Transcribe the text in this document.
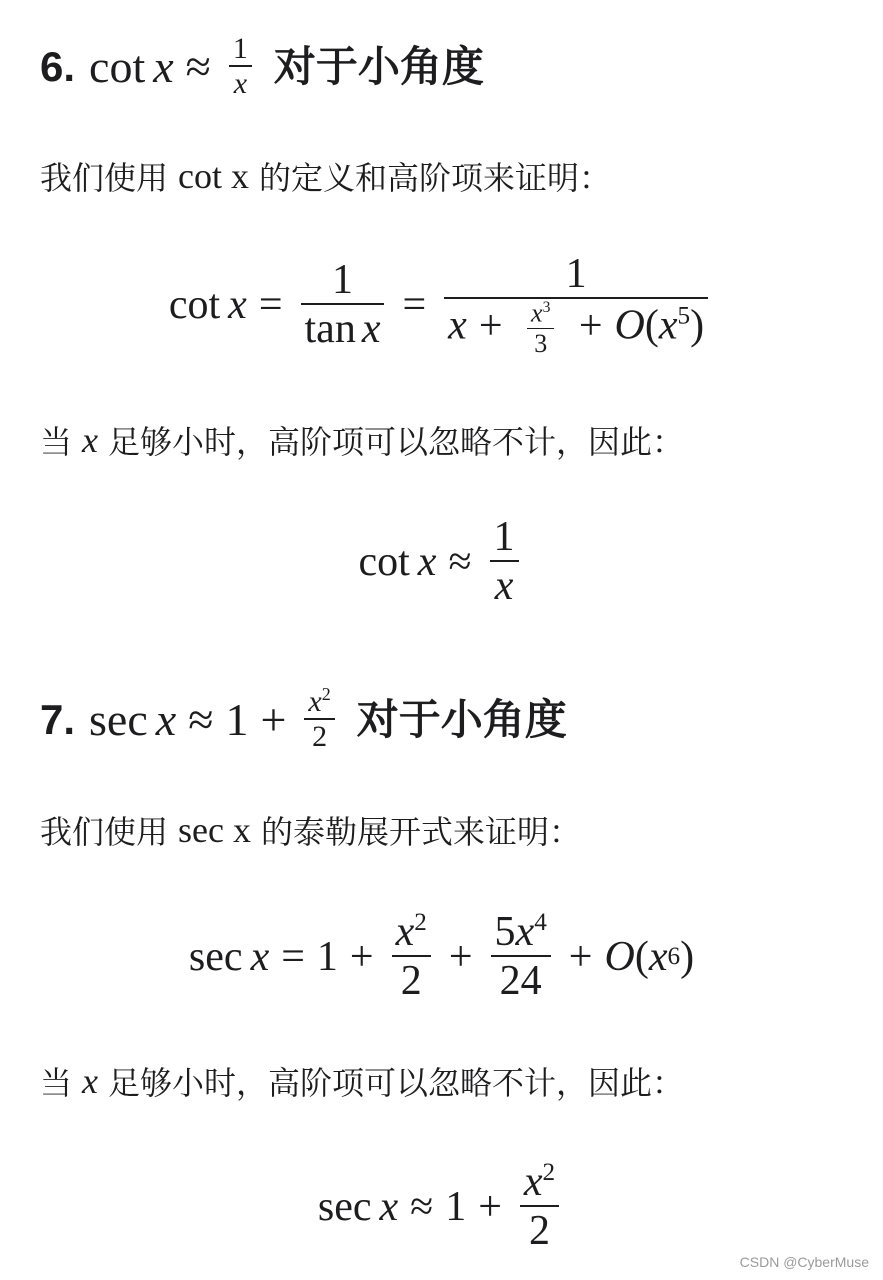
6. $\cot x \approx \frac{1}{x}$ 对于小角度
我们使用 cot x 的定义和高阶项来证明：
$\cot x = \frac{1}{\text{tan x}} = \frac{1}{x + \frac{x^3}{3} + O(x^5)}$
当 x 足够小时，高阶项可以忽略不计，因此：
$\cot x \approx \frac{1}{x}$
7. $\sec x \approx 1 + \frac{x^2}{2}$ 对于小角度
我们使用 sec x 的泰勒展开式来证明：
$\sec x = 1 + \frac{x^2}{2} + \frac{5x^4}{24} + O$ ( x 6 )
当 x 足够小时，高阶项可以忽略不计，因此：
$\sec x \approx 1 + \frac{x^2}{2}$
CSDN @CyberMuse
